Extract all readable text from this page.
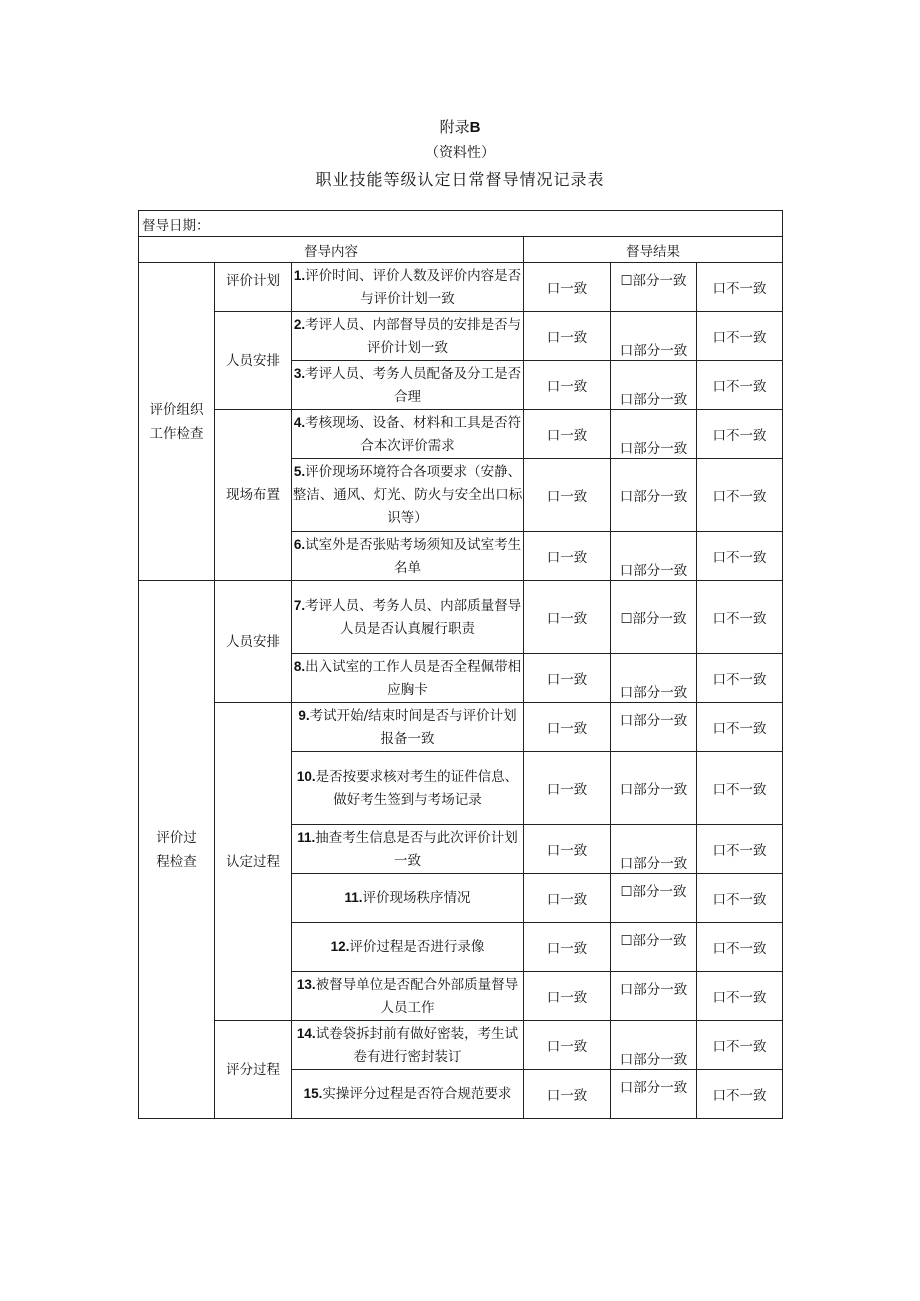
附录B
（资料性）
职业技能等级认定日常督导情况记录表
督导日期：					
督导内容			督导结果		

评价组织
工作检查	评价计划	1.评价时间、评价人数及评价内容是否与评价计划一致	口一致	☐部分一致	口不一致
	人员安排	2.考评人员、内部督导员的安排是否与评价计划一致	口一致	口部分一致	口不一致
		3.考评人员、考务人员配备及分工是否合理	口一致	口部分一致	口不一致
	现场布置	4.考核现场、设备、材料和工具是否符合本次评价需求	口一致	口部分一致	口不一致
		5.评价现场环境符合各项要求（安静、整洁、通风、灯光、防火与安全出口标识等）	口一致	口部分一致	口不一致
		6.试室外是否张贴考场须知及试室考生名单	口一致	口部分一致	口不一致

评价过
程检查	人员安排	7.考评人员、考务人员、内部质量督导人员是否认真履行职责	口一致	☐部分一致	口不一致
		8.出入试室的工作人员是否全程佩带相应胸卡	口一致	口部分一致	口不一致
	认定过程	9.考试开始/结束时间是否与评价计划报备一致	口一致	口部分一致	口不一致
		10.是否按要求核对考生的证件信息、做好考生签到与考场记录	口一致	口部分一致	口不一致
		11.抽查考生信息是否与此次评价计划一致	口一致	口部分一致	口不一致
		11.评价现场秩序情况	口一致	☐部分一致	口不一致
		12.评价过程是否进行录像	口一致	☐部分一致	口不一致
		13.被督导单位是否配合外部质量督导人员工作	口一致	口部分一致	口不一致
	评分过程	14.试卷袋拆封前有做好密装，考生试卷有进行密封装订	口一致	口部分一致	口不一致
		15.实操评分过程是否符合规范要求	口一致	口部分一致	口不一致
